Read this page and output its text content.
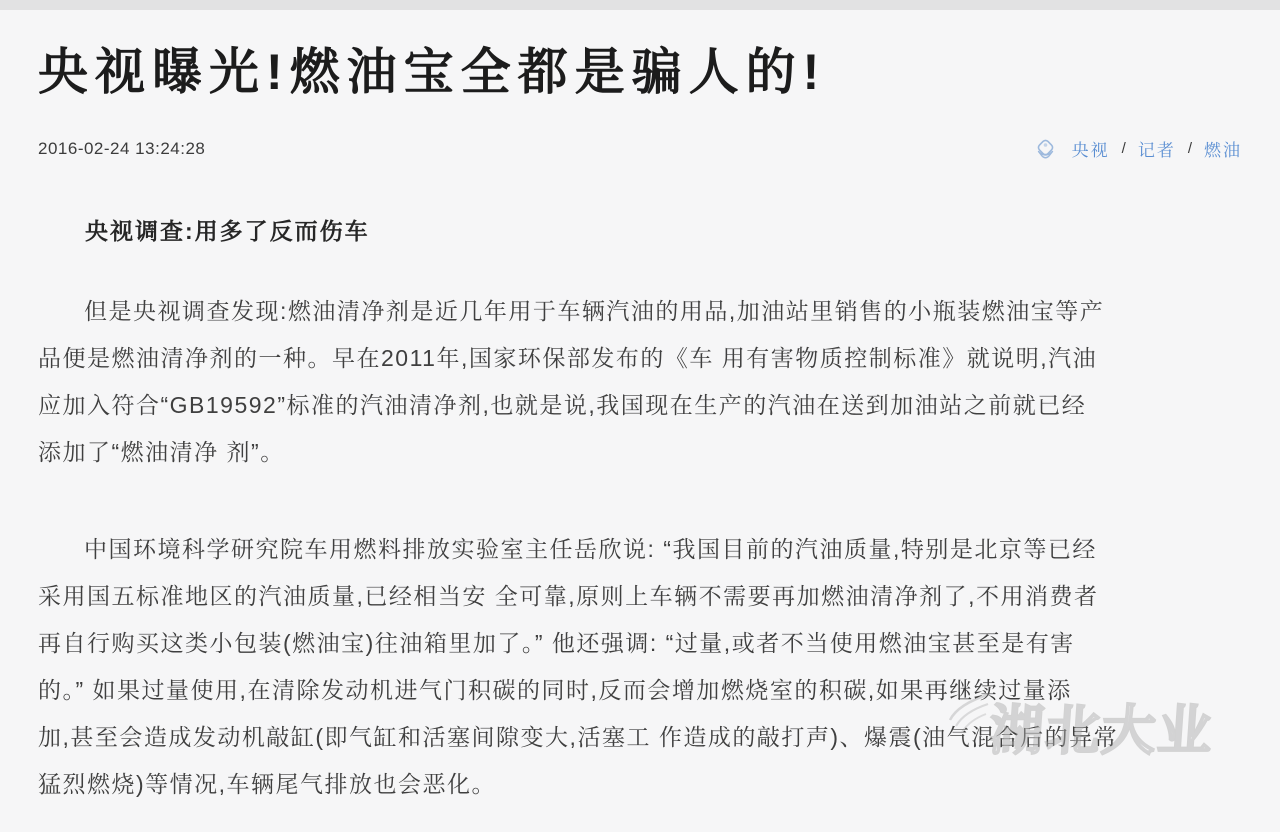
央视曝光!燃油宝全都是骗人的!
2016-02-24 13:24:28	央视 / 记者 / 燃油
央视调查:用多了反而伤车
但是央视调查发现:燃油清净剂是近几年用于车辆汽油的用品,加油站里销售的小瓶装燃油宝等产
品便是燃油清净剂的一种。早在2011年,国家环保部发布的《车 用有害物质控制标准》就说明,汽油
应加入符合“GB19592”标准的汽油清净剂,也就是说,我国现在生产的汽油在送到加油站之前就已经
添加了“燃油清净 剂”。
中国环境科学研究院车用燃料排放实验室主任岳欣说: “我国目前的汽油质量,特别是北京等已经
采用国五标准地区的汽油质量,已经相当安 全可靠,原则上车辆不需要再加燃油清净剂了,不用消费者
再自行购买这类小包装(燃油宝)往油箱里加了。” 他还强调: “过量,或者不当使用燃油宝甚至是有害
的。” 如果过量使用,在清除发动机进气门积碳的同时,反而会增加燃烧室的积碳,如果再继续过量添
加,甚至会造成发动机敲缸(即气缸和活塞间隙变大,活塞工 作造成的敲打声)、爆震(油气混合后的异常
猛烈燃烧)等情况,车辆尾气排放也会恶化。
湖北大业
